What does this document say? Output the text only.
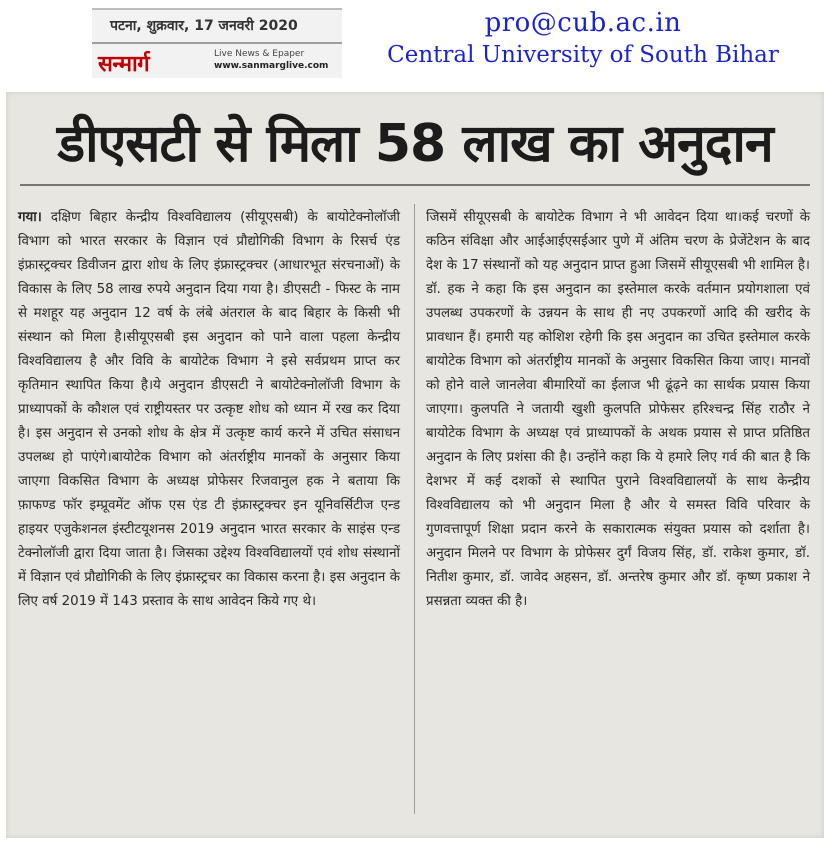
पटना, शुक्रवार, 17 जनवरी 2020
सन्मार्ग	Live News & Epaper
www.sanmarglive.com
pro@cub.ac.in
Central University of South Bihar
डीएसटी से मिला 58 लाख का अनुदान

गया। दक्षिण बिहार केन्द्रीय विश्वविद्यालय (सीयूएसबी) के बायोटेक्नोलॉजी विभाग को भारत सरकार के विज्ञान एवं प्रौद्योगिकी विभाग के रिसर्च एंड इंफ्रास्ट्रक्चर डिवीजन द्वारा शोध के लिए इंफ्रास्ट्रक्चर (आधारभूत संरचनाओं) के विकास के लिए 58 लाख रुपये अनुदान दिया गया है। डीएसटी - फिस्ट के नाम से मशहूर यह अनुदान 12 वर्ष के लंबे अंतराल के बाद बिहार के किसी भी संस्थान को मिला है।सीयूएसबी इस अनुदान को पाने वाला पहला केन्द्रीय विश्वविद्यालय है और विवि के बायोटेक विभाग ने इसे सर्वप्रथम प्राप्त कर कृतिमान स्थापित किया है।ये अनुदान डीएसटी ने बायोटेक्नोलॉजी विभाग के प्राध्यापकों के कौशल एवं राष्ट्रीयस्तर पर उत्कृष्ट शोध को ध्यान में रख कर दिया है। इस अनुदान से उनको शोध के क्षेत्र में उत्कृष्ट कार्य करने में उचित संसाधन उपलब्ध हो पाएंगे।बायोटेक विभाग को अंतर्राष्ट्रीय मानकों के अनुसार किया जाएगा विकसित विभाग के अध्यक्ष प्रोफेसर रिजवानुल हक ने बताया कि फ़ाफण्ड फॉर इम्प्रूवमेंट ऑफ एस एंड टी इंफ्रास्ट्रक्चर इन यूनिवर्सिटीज एन्ड हाइयर एजुकेशनल इंस्टीटयूशनस 2019 अनुदान भारत सरकार के साइंस एन्ड टेक्नोलॉजी द्वारा दिया जाता है। जिसका उद्देश्य विश्वविद्यालयों एवं शोध संस्थानों में विज्ञान एवं प्रौद्योगिकी के लिए इंफ्रास्ट्रचर का विकास करना है। इस अनुदान के लिए वर्ष 2019 में 143 प्रस्ताव के साथ आवेदन किये गए थे।

जिसमें सीयूएसबी के बायोटेक विभाग ने भी आवेदन दिया था।कई चरणों के कठिन संविक्षा और आईआईएसईआर पुणे में अंतिम चरण के प्रेजेंटेशन के बाद देश के 17 संस्थानों को यह अनुदान प्राप्त हुआ जिसमें सीयूएसबी भी शामिल है। डॉ. हक ने कहा कि इस अनुदान का इस्तेमाल करके वर्तमान प्रयोगशाला एवं उपलब्ध उपकरणों के उन्नयन के साथ ही नए उपकरणों आदि की खरीद के प्रावधान हैं। हमारी यह कोशिश रहेगी कि इस अनुदान का उचित इस्तेमाल करके बायोटेक विभाग को अंतर्राष्ट्रीय मानकों के अनुसार विकसित किया जाए। मानवों को होने वाले जानलेवा बीमारियों का ईलाज भी ढूंढ़ने का सार्थक प्रयास किया जाएगा। कुलपति ने जतायी खुशी कुलपति प्रोफेसर हरिश्चन्द्र सिंह राठौर ने बायोटेक विभाग के अध्यक्ष एवं प्राध्यापकों के अथक प्रयास से प्राप्त प्रतिष्ठित अनुदान के लिए प्रशंसा की है। उन्होंने कहा कि ये हमारे लिए गर्व की बात है कि देशभर में कई दशकों से स्थापित पुराने विश्वविद्यालयों के साथ केन्द्रीय विश्वविद्यालय को भी अनुदान मिला है और ये समस्त विवि परिवार के गुणवत्तापूर्ण शिक्षा प्रदान करने के सकारात्मक संयुक्त प्रयास को दर्शाता है। अनुदान मिलने पर विभाग के प्रोफेसर दुर्गं विजय सिंह, डॉ. राकेश कुमार, डॉ. नितीश कुमार, डॉ. जावेद अहसन, डॉ. अन्तरेष कुमार और डॉ. कृष्ण प्रकाश ने प्रसन्नता व्यक्त की है।
